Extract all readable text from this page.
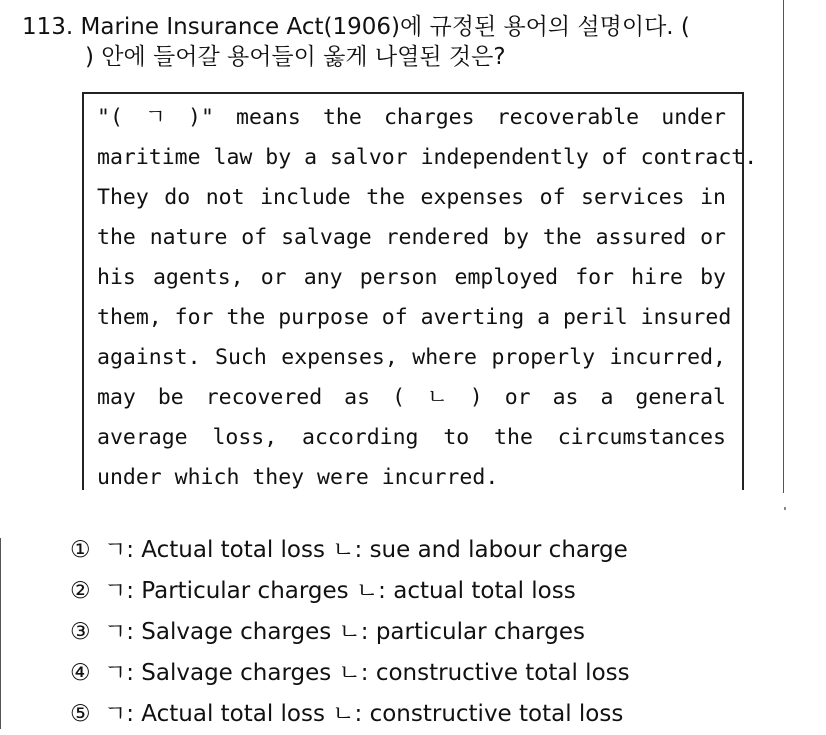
113. Marine Insurance Act(1906)에 규정된 용어의 설명이다. (
) 안에 들어갈 용어들이 옳게 나열된 것은?
"( ㄱ )" means the charges recoverable under
maritime law by a salvor independently of contract.
They do not include the expenses of services in
the nature of salvage rendered by the assured or
his agents, or any person employed for hire by
them, for the purpose of averting a peril insured
against. Such expenses, where properly incurred,
may be recovered as ( ㄴ ) or as a general
average loss, according to the circumstances
under which they were incurred.
① ㄱ: Actual total loss ㄴ: sue and labour charge
② ㄱ: Particular charges ㄴ: actual total loss
③ ㄱ: Salvage charges ㄴ: particular charges
④ ㄱ: Salvage charges ㄴ: constructive total loss
⑤ ㄱ: Actual total loss ㄴ: constructive total loss
